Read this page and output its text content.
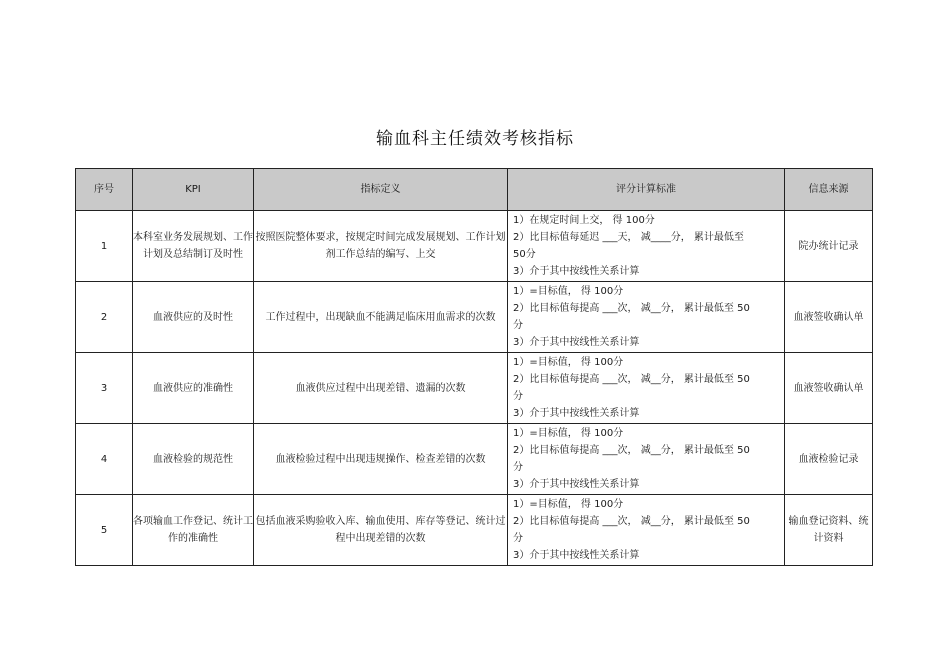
输血科主任绩效考核指标
序号	KPI	指标定义	评分计算标准	信息来源
1	本科室业务发展规划、工作计划及总结制订及时性	按照医院整体要求，按规定时间完成发展规划、工作计划剂工作总结的编写、上交	1）在规定时间上交， 得 100分
2）比目标值每延迟 ___天， 减____分， 累计最低至
50分
3）介于其中按线性关系计算	院办统计记录
2	血液供应的及时性	工作过程中，出现缺血不能满足临床用血需求的次数	1）=目标值， 得 100分
2）比目标值每提高 ___次， 减__分， 累计最低至 50
分
3）介于其中按线性关系计算	血液签收确认单
3	血液供应的准确性	血液供应过程中出现差错、遗漏的次数	1）=目标值， 得 100分
2）比目标值每提高 ___次， 减__分， 累计最低至 50
分
3）介于其中按线性关系计算	血液签收确认单
4	血液检验的规范性	血液检验过程中出现违规操作、检查差错的次数	1）=目标值， 得 100分
2）比目标值每提高 ___次， 减__分， 累计最低至 50
分
3）介于其中按线性关系计算	血液检验记录
5	各项输血工作登记、统计工作的准确性	包括血液采购验收入库、输血使用、库存等登记、统计过程中出现差错的次数	1）=目标值， 得 100分
2）比目标值每提高 ___次， 减__分， 累计最低至 50
分
3）介于其中按线性关系计算	输血登记资料、统计资料
